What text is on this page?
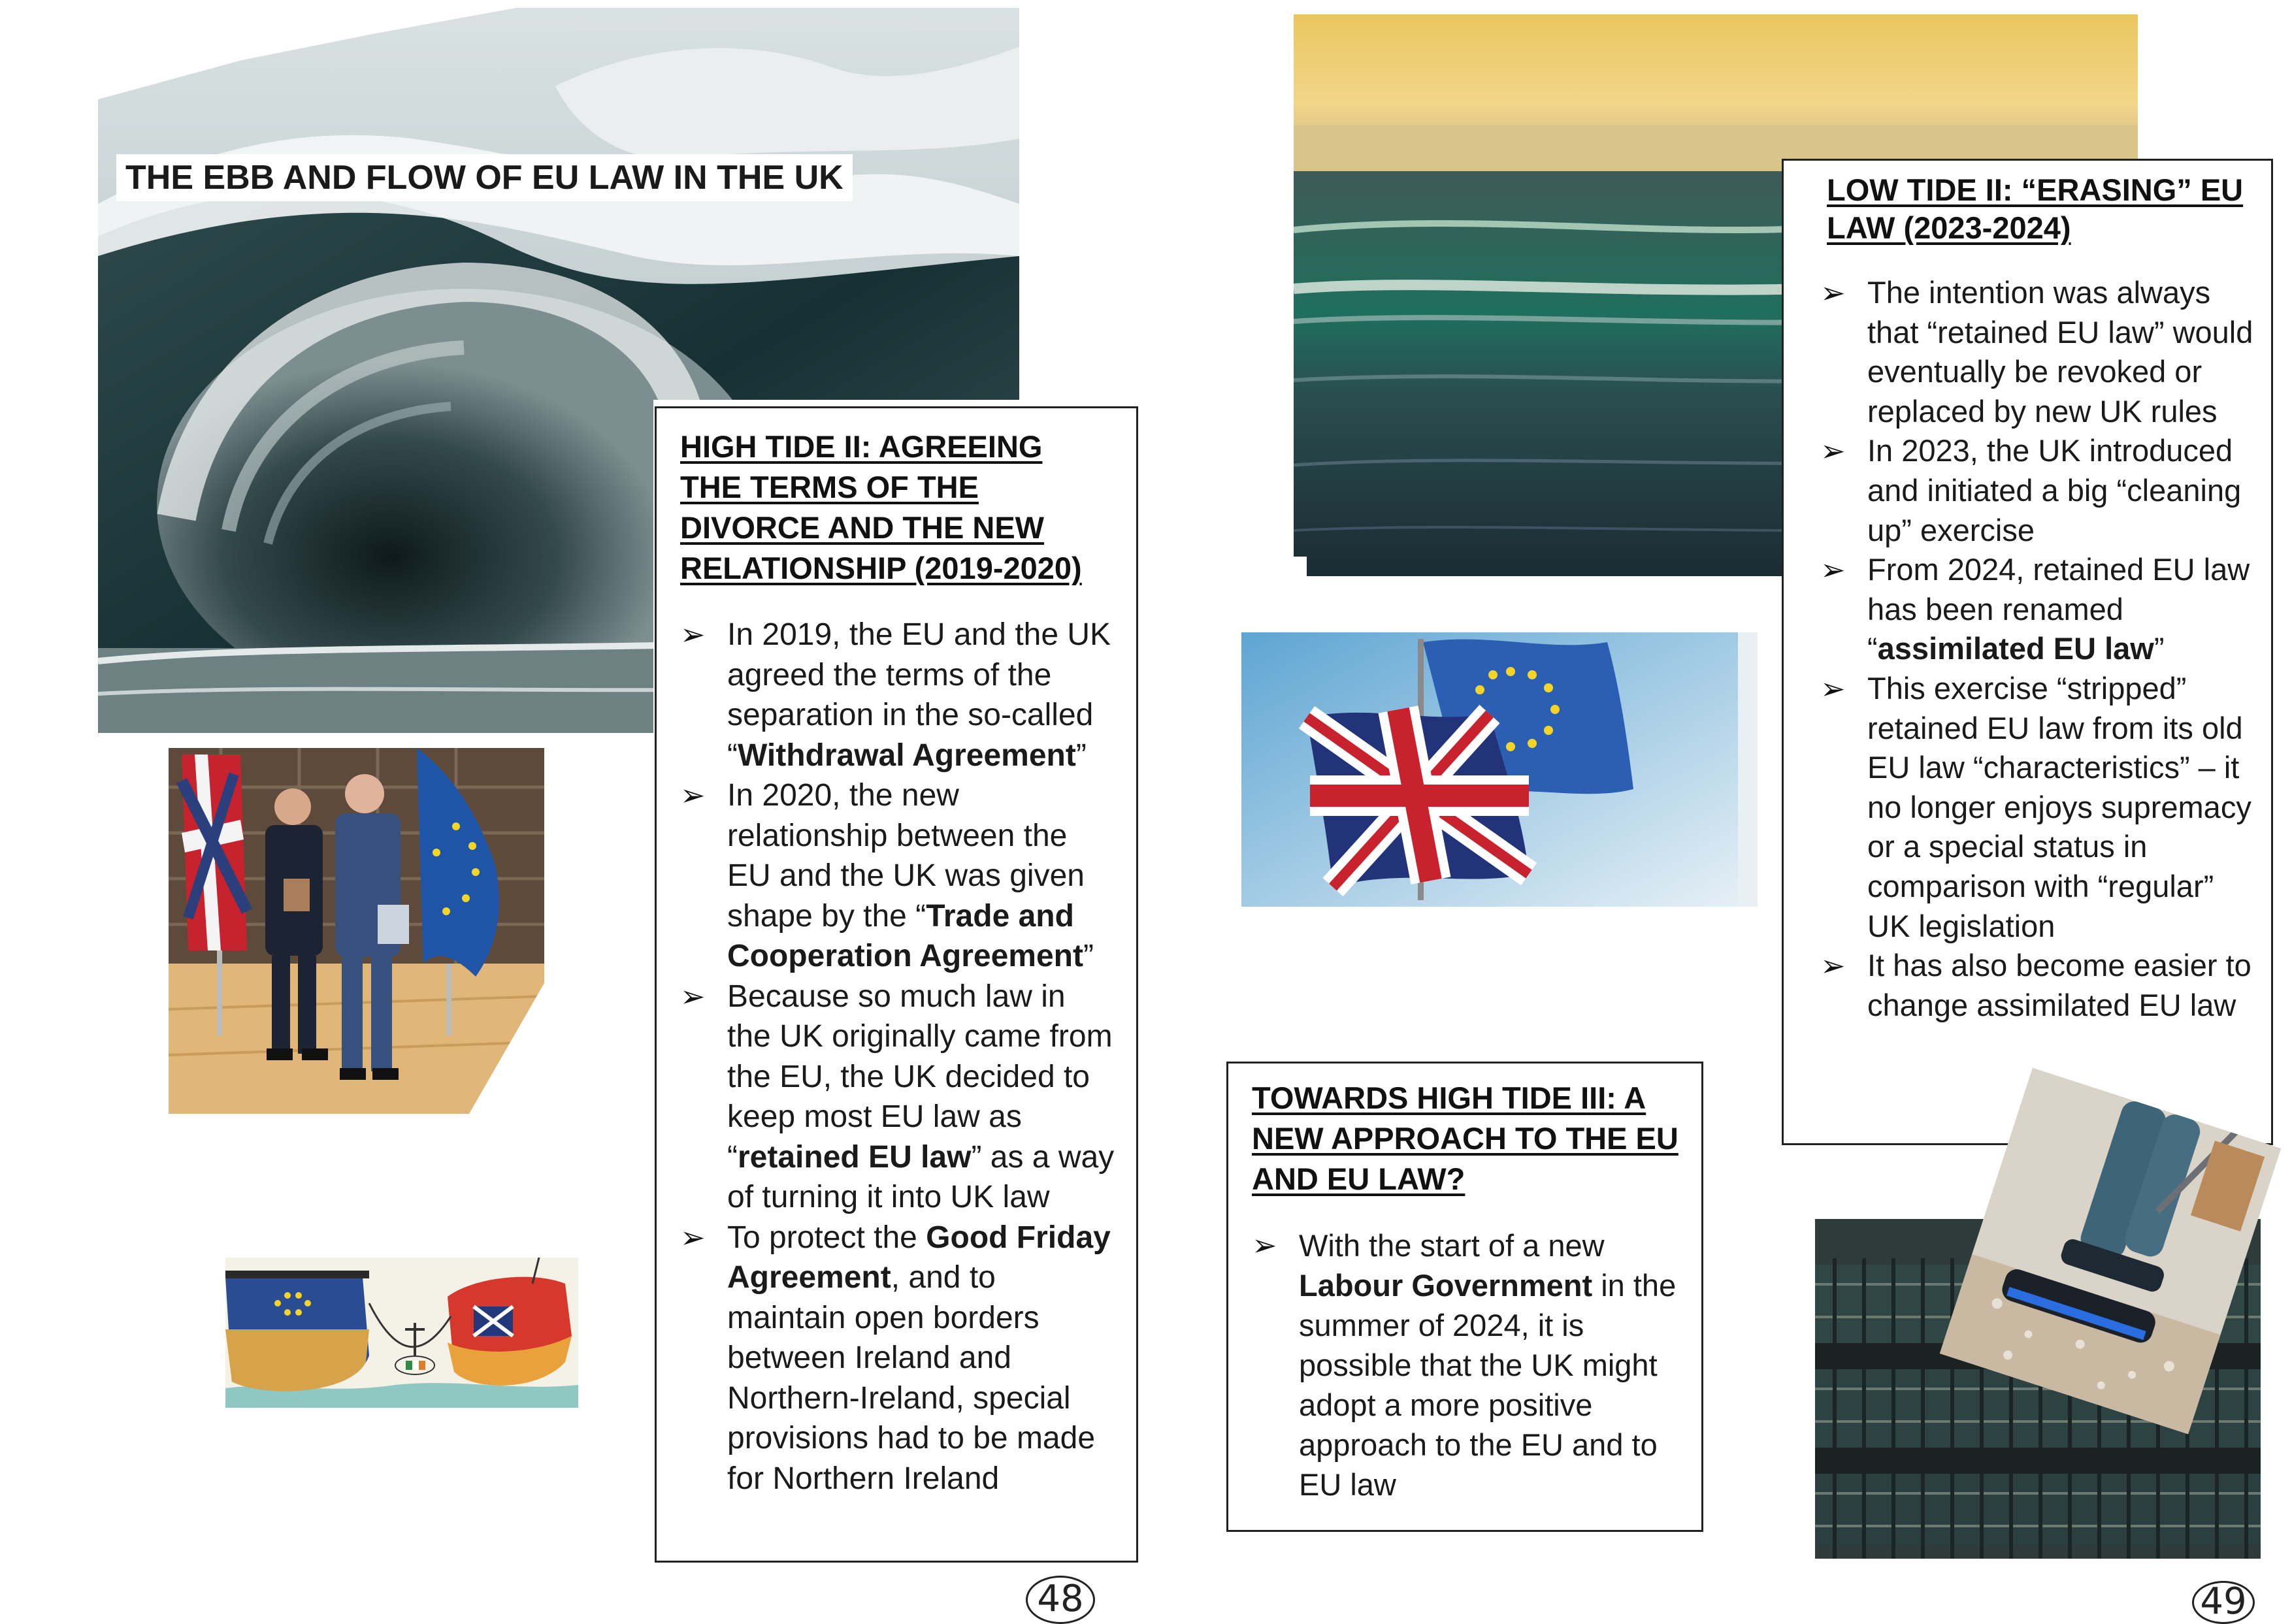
THE EBB AND FLOW OF EU LAW IN THE UK
HIGH TIDE II: AGREEING THE TERMS OF THE DIVORCE AND THE NEW RELATIONSHIP (2019-2020)
➢ In 2019, the EU and the UK agreed the terms of the separation in the so-called “Withdrawal Agreement”
➢ In 2020, the new relationship between the EU and the UK was given shape by the “Trade and Cooperation Agreement”
➢ Because so much law in the UK originally came from the EU, the UK decided to keep most EU law as “retained EU law” as a way of turning it into UK law
➢ To protect the Good Friday Agreement, and to maintain open borders between Ireland and Northern-Ireland, special provisions had to be made for Northern Ireland
48
LOW TIDE II: “ERASING” EU LAW (2023-2024)
➢ The intention was always that “retained EU law” would eventually be revoked or replaced by new UK rules
➢ In 2023, the UK introduced and initiated a big “cleaning up” exercise
➢ From 2024, retained EU law has been renamed “assimilated EU law”
➢ This exercise “stripped” retained EU law from its old EU law “characteristics” – it no longer enjoys supremacy or a special status in comparison with “regular” UK legislation
➢ It has also become easier to change assimilated EU law
TOWARDS HIGH TIDE III: A NEW APPROACH TO THE EU AND EU LAW?
➢ With the start of a new Labour Government in the summer of 2024, it is possible that the UK might adopt a more positive approach to the EU and to EU law
49
